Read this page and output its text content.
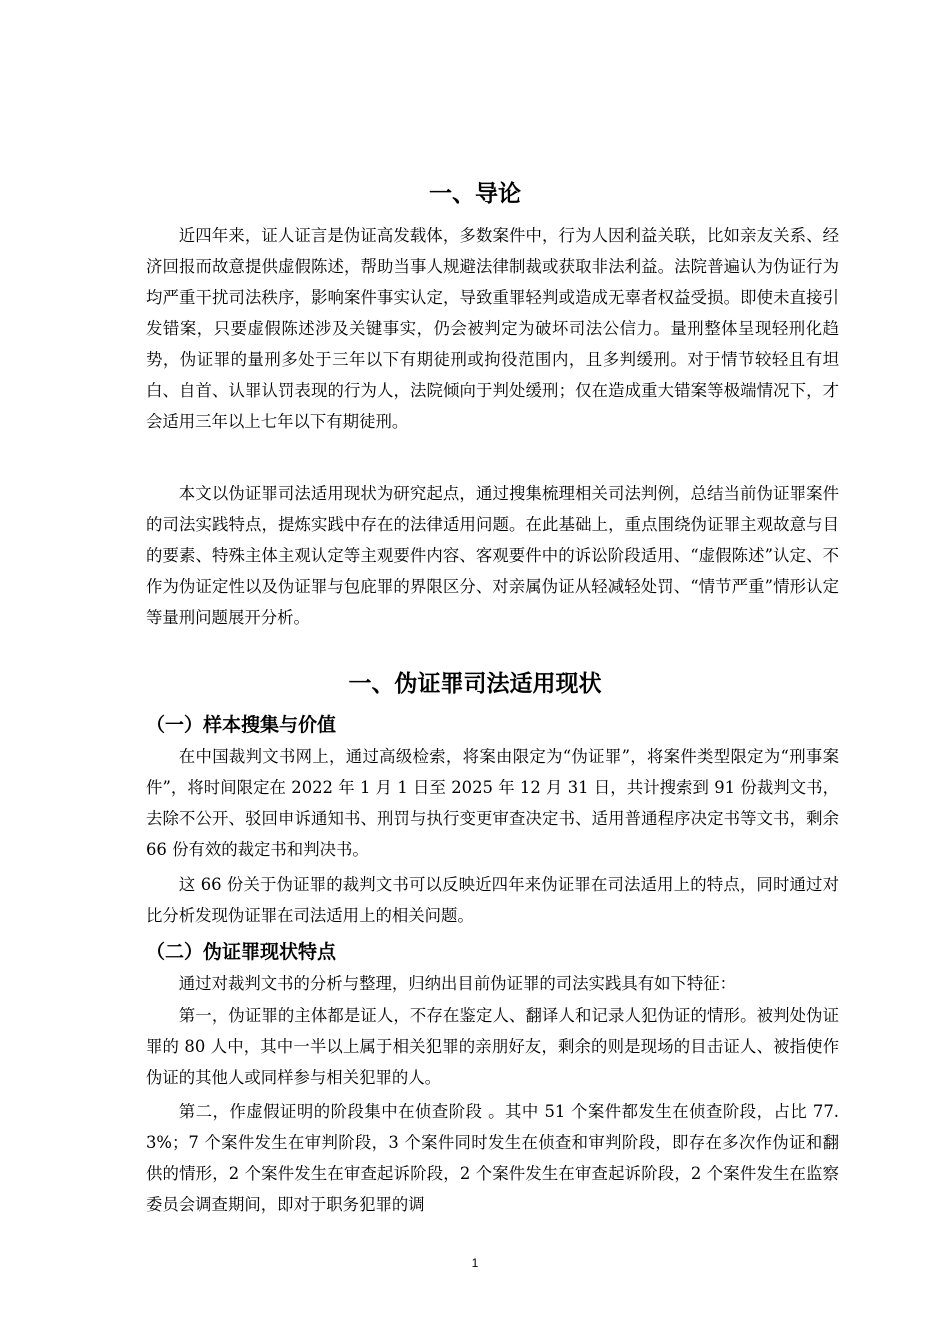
一、导论

近四年来，证人证言是伪证高发载体，多数案件中，行为人因利益关联，比如亲友关系、经济回报而故意提供虚假陈述，帮助当事人规避法律制裁或获取非法利益。法院普遍认为伪证行为均严重干扰司法秩序，影响案件事实认定，导致重罪轻判或造成无辜者权益受损。即使未直接引发错案，只要虚假陈述涉及关键事实，仍会被判定为破坏司法公信力。量刑整体呈现轻刑化趋势，伪证罪的量刑多处于三年以下有期徒刑或拘役范围内，且多判缓刑。对于情节较轻且有坦白、自首、认罪认罚表现的行为人，法院倾向于判处缓刑；仅在造成重大错案等极端情况下，才会适用三年以上七年以下有期徒刑。

本文以伪证罪司法适用现状为研究起点，通过搜集梳理相关司法判例，总结当前伪证罪案件的司法实践特点，提炼实践中存在的法律适用问题。在此基础上，重点围绕伪证罪主观故意与目的要素、特殊主体主观认定等主观要件内容、客观要件中的诉讼阶段适用、“虚假陈述”认定、不作为伪证定性以及伪证罪与包庇罪的界限区分、对亲属伪证从轻减轻处罚、“情节严重”情形认定等量刑问题展开分析。

一、伪证罪司法适用现状
（一）样本搜集与价值

在中国裁判文书网上，通过高级检索，将案由限定为“伪证罪”，将案件类型限定为“刑事案件”，将时间限定在 2022 年 1 月 1 日至 2025 年 12 月 31 日，共计搜索到 91 份裁判文书，去除不公开、驳回申诉通知书、刑罚与执行变更审查决定书、适用普通程序决定书等文书，剩余 66 份有效的裁定书和判决书。

这 66 份关于伪证罪的裁判文书可以反映近四年来伪证罪在司法适用上的特点，同时通过对比分析发现伪证罪在司法适用上的相关问题。

（二）伪证罪现状特点

通过对裁判文书的分析与整理，归纳出目前伪证罪的司法实践具有如下特征：

第一，伪证罪的主体都是证人，不存在鉴定人、翻译人和记录人犯伪证的情形。被判处伪证罪的 80 人中，其中一半以上属于相关犯罪的亲朋好友，剩余的则是现场的目击证人、被指使作伪证的其他人或同样参与相关犯罪的人。

第二，作虚假证明的阶段集中在侦查阶段 。其中 51 个案件都发生在侦查阶段，占比 77.3%；7 个案件发生在审判阶段，3 个案件同时发生在侦查和审判阶段，即存在多次作伪证和翻供的情形，2 个案件发生在审查起诉阶段，2 个案件发生在审查起诉阶段，2 个案件发生在监察委员会调查期间，即对于职务犯罪的调

1
